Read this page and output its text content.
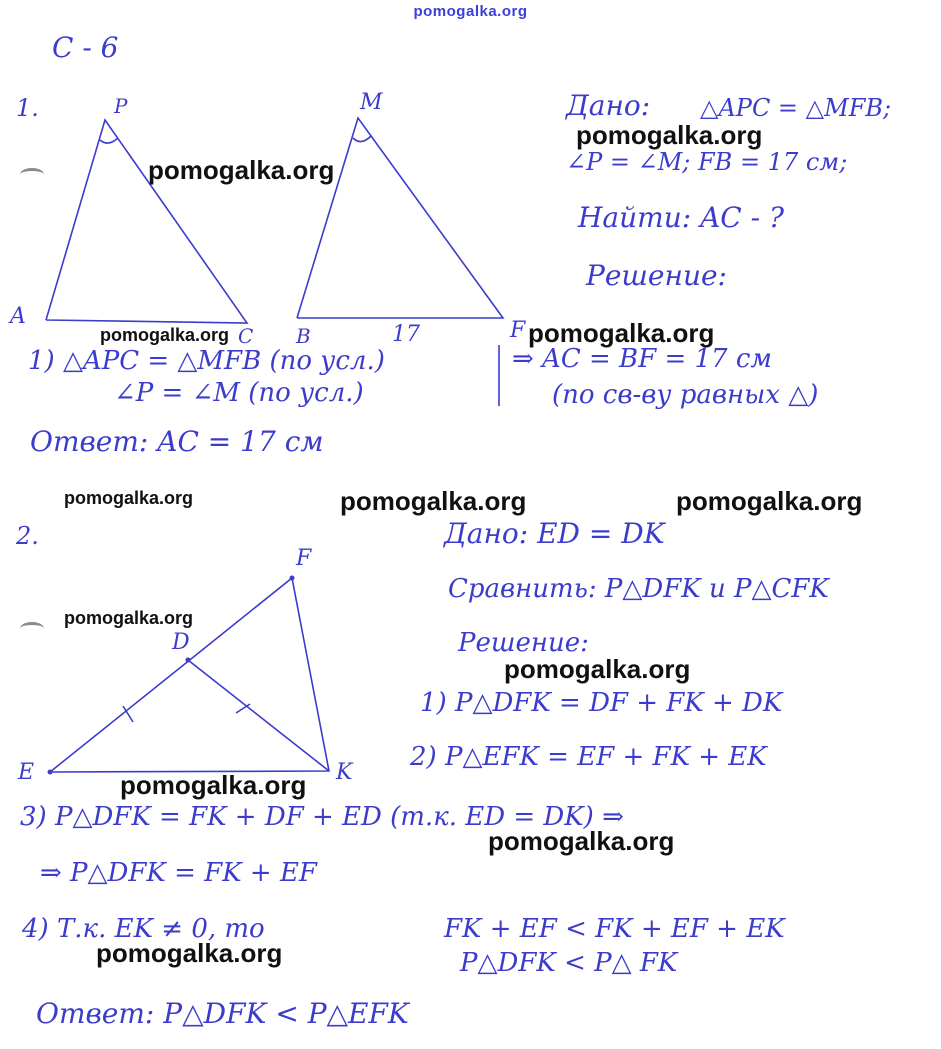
pomogalka.org
С - 6
1.	P
A
C
M
B	F
17
Дано: △APC = △MFB;
∠P = ∠M; FB = 17 см;
Найти: AC - ?
Решение:
1) △APC = △MFB (по усл.)
∠P = ∠M (по усл.)
⇒ AC = BF = 17 см
(по св-ву равных △)
Ответ: AC = 17 см
2.
F
D
E	K
Дано: ED = DK
Сравнить: P△DFK и P△CFK
Решение:
1) P△DFK = DF + FK + DK
2) P△EFK = EF + FK + EK
3) P△DFK = FK + DF + ED (т.к. ED = DK) ⇒
⇒ P△DFK = FK + EF
4) Т.к. EK ≠ 0, то	FK + EF < FK + EF + EK
P△DFK < P△ FK
Ответ: P△DFK < P△EFK
pomogalka.org
pomogalka.org
pomogalka.org	pomogalka.org
pomogalka.org	pomogalka.org	pomogalka.org
pomogalka.org
pomogalka.org
pomogalka.org
pomogalka.org
pomogalka.org
